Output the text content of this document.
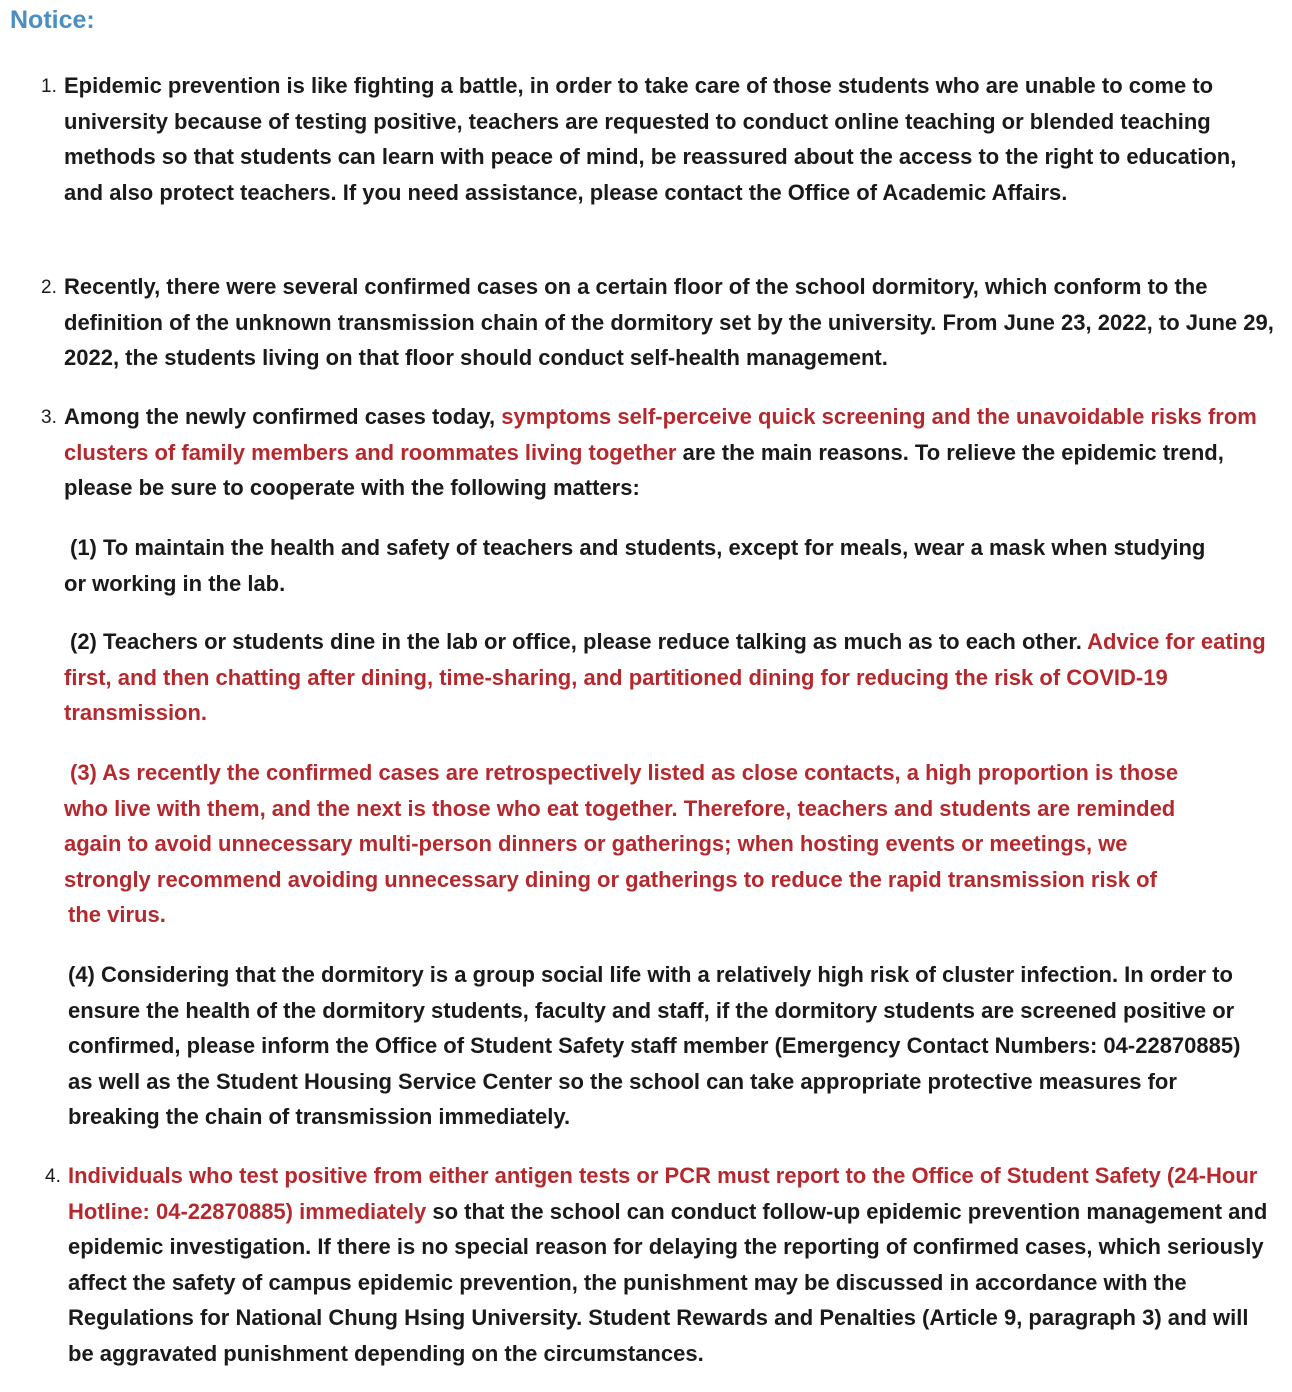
Notice:
1. Epidemic prevention is like fighting a battle, in order to take care of those students who are unable to come to university because of testing positive, teachers are requested to conduct online teaching or blended teaching methods so that students can learn with peace of mind, be reassured about the access to the right to education, and also protect teachers. If you need assistance, please contact the Office of Academic Affairs.

2. Recently, there were several confirmed cases on a certain floor of the school dormitory, which conform to the definition of the unknown transmission chain of the dormitory set by the university. From June 23, 2022, to June 29, 2022, the students living on that floor should conduct self-health management.

3. Among the newly confirmed cases today, symptoms self-perceive quick screening and the unavoidable risks from clusters of family members and roommates living together are the main reasons. To relieve the epidemic trend, please be sure to cooperate with the following matters:

(1) To maintain the health and safety of teachers and students, except for meals, wear a mask when studying or working in the lab.

(2) Teachers or students dine in the lab or office, please reduce talking as much as to each other. Advice for eating first, and then chatting after dining, time-sharing, and partitioned dining for reducing the risk of COVID-19 transmission.

(3) As recently the confirmed cases are retrospectively listed as close contacts, a high proportion is those
who live with them, and the next is those who eat together. Therefore, teachers and students are reminded
again to avoid unnecessary multi-person dinners or gatherings; when hosting events or meetings, we
strongly recommend avoiding unnecessary dining or gatherings to reduce the rapid transmission risk of
the virus.

(4) Considering that the dormitory is a group social life with a relatively high risk of cluster infection. In order to ensure the health of the dormitory students, faculty and staff, if the dormitory students are screened positive or confirmed, please inform the Office of Student Safety staff member (Emergency Contact Numbers: 04-22870885) as well as the Student Housing Service Center so the school can take appropriate protective measures for breaking the chain of transmission immediately.

4. Individuals who test positive from either antigen tests or PCR must report to the Office of Student Safety (24-Hour Hotline: 04-22870885) immediately so that the school can conduct follow-up epidemic prevention management and epidemic investigation. If there is no special reason for delaying the reporting of confirmed cases, which seriously affect the safety of campus epidemic prevention, the punishment may be discussed in accordance with the Regulations for National Chung Hsing University. Student Rewards and Penalties (Article 9, paragraph 3) and will be aggravated punishment depending on the circumstances.
